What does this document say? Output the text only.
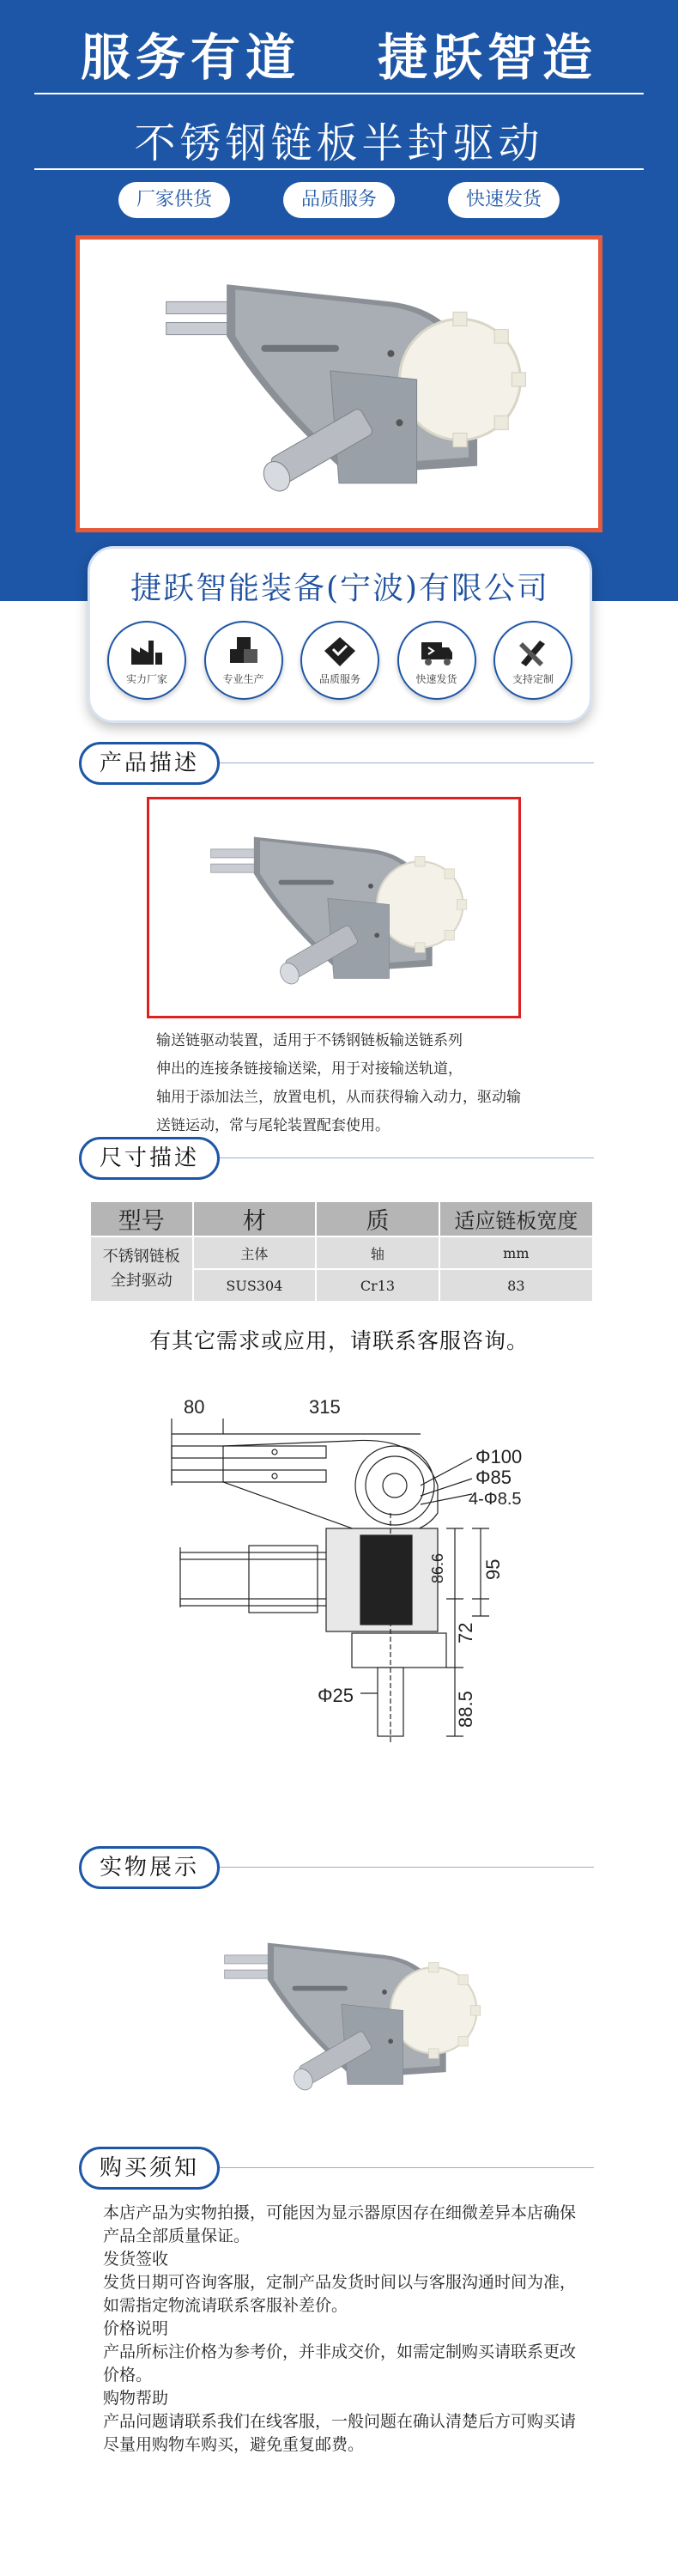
服务有道 捷跃智造
不锈钢链板半封驱动
厂家供货	品质服务	快速发货
捷跃智能装备(宁波)有限公司
实力厂家	专业生产	品质服务	快速发货	支持定制
产品描述
输送链驱动装置，适用于不锈钢链板输送链系列
伸出的连接条链接输送梁，用于对接输送轨道，
轴用于添加法兰，放置电机，从而获得输入动力，驱动输
送链运动，常与尾轮装置配套使用。
尺寸描述
型号	材	质	适应链板宽度
不锈钢链板全封驱动	主体	轴	mm
	SUS304	Cr13	83
有其它需求或应用，请联系客服咨询。
80	315
Φ100
Φ85
4-Φ8.5
86.6 95
72
Φ25	88.5
实物展示
购买须知

本店产品为实物拍摄，可能因为显示器原因存在细微差异本店确保产品全部质量保证。

发货签收

发货日期可咨询客服，定制产品发货时间以与客服沟通时间为准，如需指定物流请联系客服补差价。

价格说明

产品所标注价格为参考价，并非成交价，如需定制购买请联系更改价格。

购物帮助

产品问题请联系我们在线客服，一般问题在确认清楚后方可购买请尽量用购物车购买，避免重复邮费。
